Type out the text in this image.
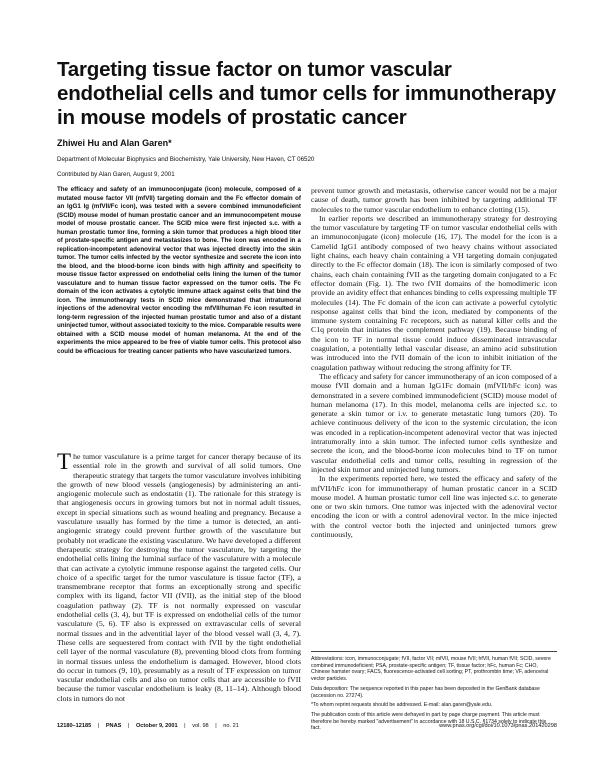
Targeting tissue factor on tumor vascular endothelial cells and tumor cells for immunotherapy in mouse models of prostatic cancer
Zhiwei Hu and Alan Garen*
Department of Molecular Biophysics and Biochemistry, Yale University, New Haven, CT 06520
Contributed by Alan Garen, August 9, 2001
The efficacy and safety of an immunoconjugate (icon) molecule, composed of a mutated mouse factor VII (mfVII) targeting domain and the Fc effector domain of an IgG1 Ig (mfVII/Fc icon), was tested with a severe combined immunodeficient (SCID) mouse model of human prostatic cancer and an immunocompetent mouse model of mouse prostatic cancer. The SCID mice were first injected s.c. with a human prostatic tumor line, forming a skin tumor that produces a high blood titer of prostate-specific antigen and metastasizes to bone. The icon was encoded in a replication-incompetent adenoviral vector that was injected directly into the skin tumor. The tumor cells infected by the vector synthesize and secrete the icon into the blood, and the blood-borne icon binds with high affinity and specificity to mouse tissue factor expressed on endothelial cells lining the lumen of the tumor vasculature and to human tissue factor expressed on the tumor cells. The Fc domain of the icon activates a cytolytic immune attack against cells that bind the icon. The immunotherapy tests in SCID mice demonstrated that intratumoral injections of the adenoviral vector encoding the mfVII/human Fc icon resulted in long-term regression of the injected human prostatic tumor and also of a distant uninjected tumor, without associated toxicity to the mice. Comparable results were obtained with a SCID mouse model of human melanoma. At the end of the experiments the mice appeared to be free of viable tumor cells. This protocol also could be efficacious for treating cancer patients who have vascularized tumors.

The tumor vasculature is a prime target for cancer therapy because of its essential role in the growth and survival of all solid tumors. One therapeutic strategy that targets the tumor vasculature involves inhibiting the growth of new blood vessels (angiogenesis) by administering an anti-angiogenic molecule such as endostatin (1). The rationale for this strategy is that angiogenesis occurs in growing tumors but not in normal adult tissues, except in special situations such as wound healing and pregnancy. Because a vasculature usually has formed by the time a tumor is detected, an anti-angiogenic strategy could prevent further growth of the vasculature but probably not eradicate the existing vasculature. We have developed a different therapeutic strategy for destroying the tumor vasculature, by targeting the endothelial cells lining the luminal surface of the vasculature with a molecule that can activate a cytolytic immune response against the targeted cells. Our choice of a specific target for the tumor vasculature is tissue factor (TF), a transmembrane receptor that forms an exceptionally strong and specific complex with its ligand, factor VII (fVII), as the initial step of the blood coagulation pathway (2). TF is not normally expressed on vascular endothelial cells (3, 4), but TF is expressed on endothelial cells of the tumor vasculature (5, 6). TF also is expressed on extravascular cells of several normal tissues and in the adventitial layer of the blood vessel wall (3, 4, 7). These cells are sequestered from contact with fVII by the tight endothelial cell layer of the normal vasculature (8), preventing blood clots from forming in normal tissues unless the endothelium is damaged. However, blood clots do occur in tumors (9, 10), presumably as a result of TF expression on tumor vascular endothelial cells and also on tumor cells that are accessible to fVII because the tumor vascular endothelium is leaky (8, 11–14). Although blood clots in tumors do not

prevent tumor growth and metastasis, otherwise cancer would not be a major cause of death, tumor growth has been inhibited by targeting additional TF molecules to the tumor vascular endothelium to enhance clotting (15).

In earlier reports we described an immunotherapy strategy for destroying the tumor vasculature by targeting TF on tumor vascular endothelial cells with an immunoconjugate (icon) molecule (16, 17). The model for the icon is a Camelid IgG1 antibody composed of two heavy chains without associated light chains, each heavy chain containing a VH targeting domain conjugated directly to the Fc effector domain (18). The icon is similarly composed of two chains, each chain containing fVII as the targeting domain conjugated to a Fc effector domain (Fig. 1). The two fVII domains of the homodimeric icon provide an avidity effect that enhances binding to cells expressing multiple TF molecules (14). The Fc domain of the icon can activate a powerful cytolytic response against cells that bind the icon, mediated by components of the immune system containing Fc receptors, such as natural killer cells and the C1q protein that initiates the complement pathway (19). Because binding of the icon to TF in normal tissue could induce disseminated intravascular coagulation, a potentially lethal vascular disease, an amino acid substitution was introduced into the fVII domain of the icon to inhibit initiation of the coagulation pathway without reducing the strong affinity for TF.

The efficacy and safety for cancer immunotherapy of an icon composed of a mouse fVII domain and a human IgG1Fc domain (mfVII/hFc icon) was demonstrated in a severe combined immunodeficient (SCID) mouse model of human melanoma (17). In this model, melanoma cells are injected s.c. to generate a skin tumor or i.v. to generate metastatic lung tumors (20). To achieve continuous delivery of the icon to the systemic circulation, the icon was encoded in a replication-incompetent adenoviral vector that was injected intratumorally into a skin tumor. The infected tumor cells synthesize and secrete the icon, and the blood-borne icon molecules bind to TF on tumor vascular endothelial cells and tumor cells, resulting in regression of the injected skin tumor and uninjected lung tumors.

In the experiments reported here, we tested the efficacy and safety of the mfVII/hFc icon for immunotherapy of human prostatic cancer in a SCID mouse model. A human prostatic tumor cell line was injected s.c. to generate one or two skin tumors. One tumor was injected with the adenoviral vector encoding the icon or with a control adenoviral vector. In the mice injected with the control vector both the injected and uninjected tumors grew continuously,

Abbreviations: icon, immunoconjugate; fVII, factor VII; mfVII, mouse fVII; hfVII, human fVII; SCID, severe combined immunodeficient; PSA, prostate-specific antigen; TF, tissue factor; hFc, human Fc; CHO, Chinese hamster ovary; FACS, fluorescence-activated cell sorting; PT, prothrombin time; VF, adenoviral vector particles.

Data deposition: The sequence reported in this paper has been deposited in the GenBank database (accession no. 27274).

*To whom reprint requests should be addressed. E-mail: alan.garen@yale.edu.

The publication costs of this article were defrayed in part by page charge payment. This article must therefore be hereby marked "advertisement" in accordance with 18 U.S.C. §1734 solely to indicate this fact.

12180–12185 | PNAS | October 9, 2001 | vol. 98 | no. 21	www.pnas.org/cgi/doi/10.1073/pnas.201420298
